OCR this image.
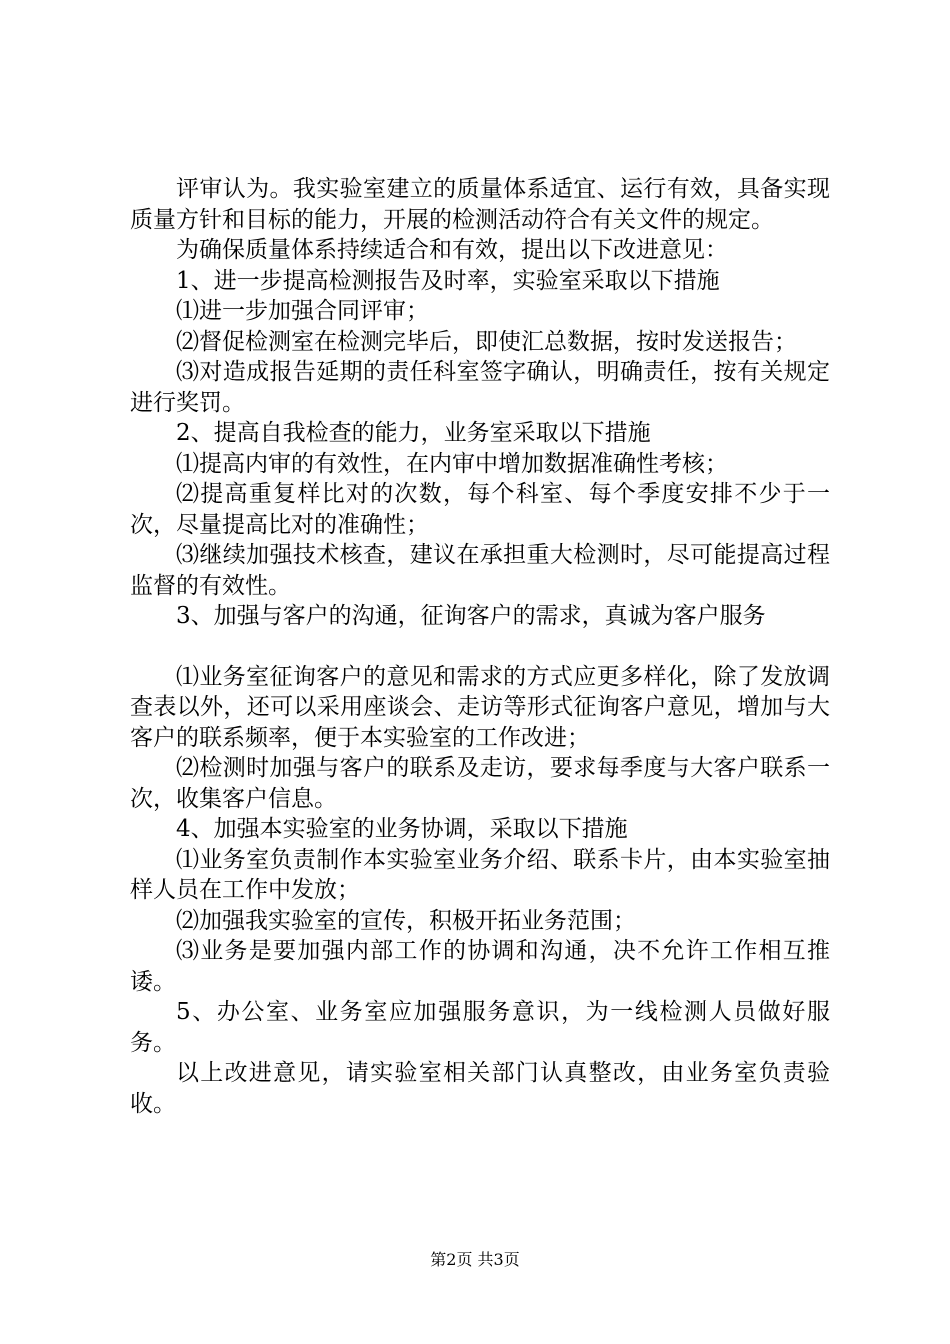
评审认为。我实验室建立的质量体系适宜、运行有效，具备实现质量方针和目标的能力，开展的检测活动符合有关文件的规定。

为确保质量体系持续适合和有效，提出以下改进意见：

1、进一步提高检测报告及时率，实验室采取以下措施

⑴进一步加强合同评审；

⑵督促检测室在检测完毕后，即使汇总数据，按时发送报告；

⑶对造成报告延期的责任科室签字确认，明确责任，按有关规定进行奖罚。

2、提高自我检查的能力，业务室采取以下措施

⑴提高内审的有效性，在内审中增加数据准确性考核；

⑵提高重复样比对的次数，每个科室、每个季度安排不少于一次，尽量提高比对的准确性；

⑶继续加强技术核查，建议在承担重大检测时，尽可能提高过程监督的有效性。

3、加强与客户的沟通，征询客户的需求，真诚为客户服务

⑴业务室征询客户的意见和需求的方式应更多样化，除了发放调查表以外，还可以采用座谈会、走访等形式征询客户意见，增加与大客户的联系频率，便于本实验室的工作改进；

⑵检测时加强与客户的联系及走访，要求每季度与大客户联系一次，收集客户信息。

4、加强本实验室的业务协调，采取以下措施

⑴业务室负责制作本实验室业务介绍、联系卡片，由本实验室抽样人员在工作中发放；

⑵加强我实验室的宣传，积极开拓业务范围；

⑶业务是要加强内部工作的协调和沟通，决不允许工作相互推诿。

5、办公室、业务室应加强服务意识，为一线检测人员做好服务。

以上改进意见，请实验室相关部门认真整改，由业务室负责验收。

第2页 共3页
